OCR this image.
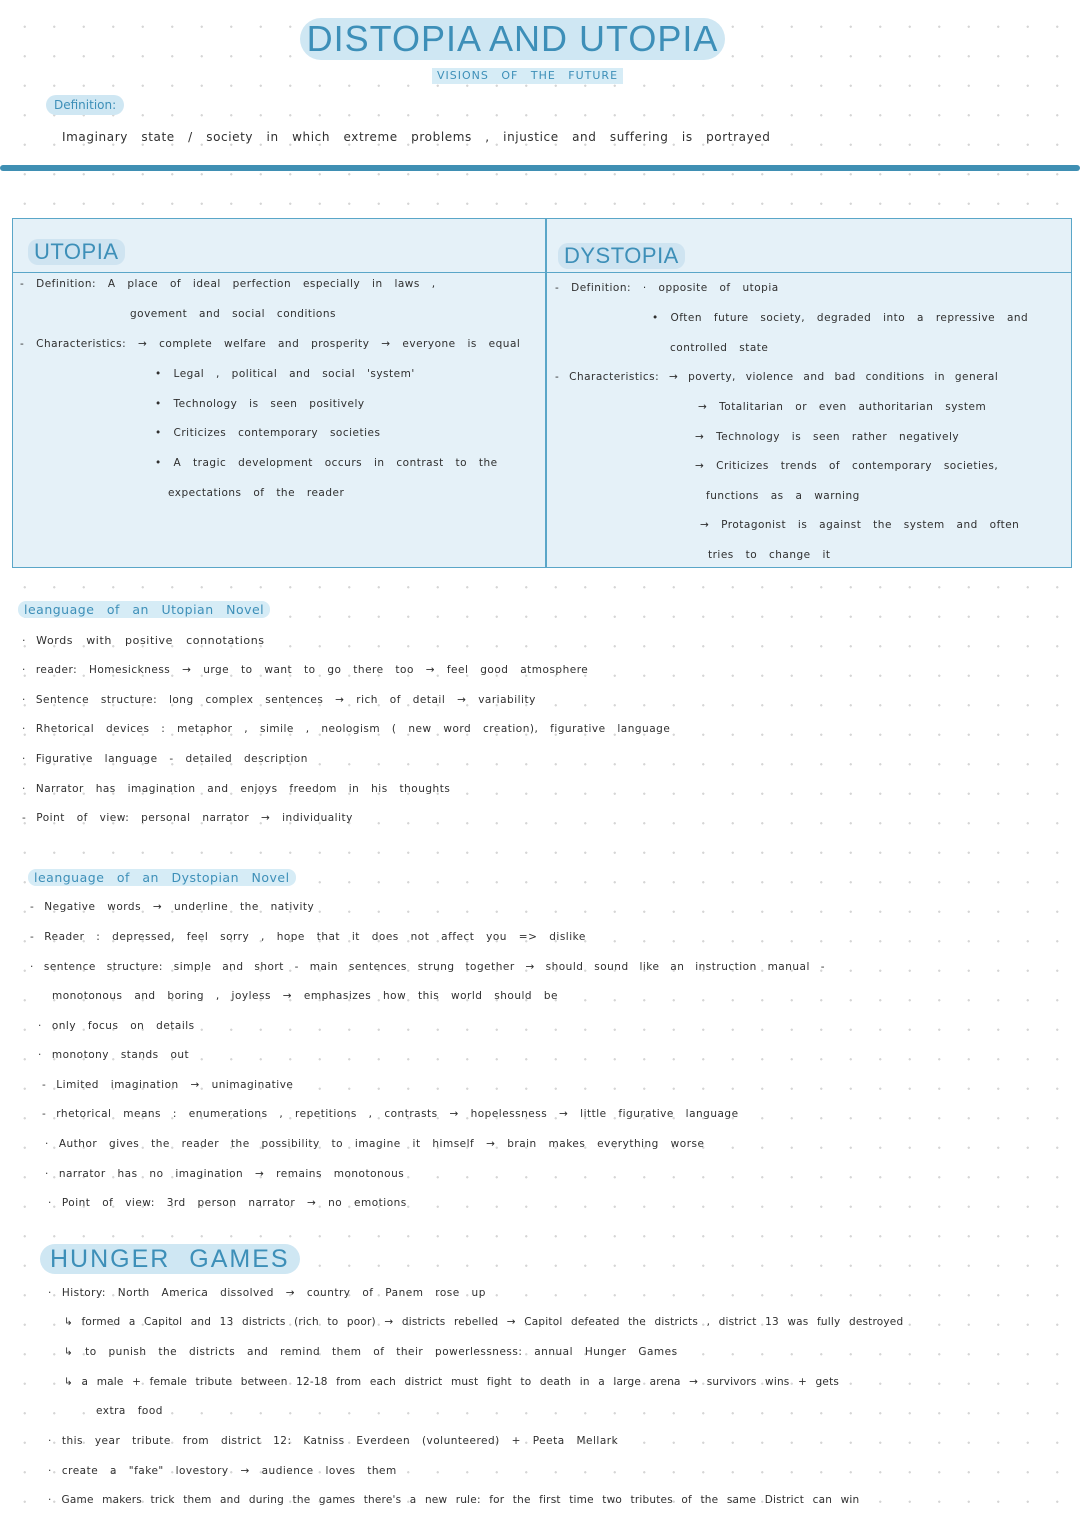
DISTOPIA AND UTOPIA
VISIONS OF THE FUTURE
Definition:
Imaginary state / society in which extreme problems , injustice and suffering is portrayed
UTOPIA	DYSTOPIA
- Definition: A place of ideal perfection especially in laws ,
govement and social conditions
- Characteristics: → complete welfare and prosperity → everyone is equal
• Legal , political and social 'system'
• Technology is seen positively
• Criticizes contemporary societies
• A tragic development occurs in contrast to the
expectations of the reader
- Definition: · opposite of utopia
• Often future society, degraded into a repressive and
controlled state
- Characteristics: → poverty, violence and bad conditions in general
→ Totalitarian or even authoritarian system
→ Technology is seen rather negatively
→ Criticizes trends of contemporary societies,
functions as a warning
→ Protagonist is against the system and often
tries to change it
leanguage of an Utopian Novel
· Words with positive connotations
· reader: Homesickness → urge to want to go there too → feel good atmosphere
· Sentence structure: long complex sentences → rich of detail → variability
· Rhetorical devices : metaphor , simile , neologism ( new word creation), figurative language
· Figurative language - detailed description
· Narrator has imagination and enjoys freedom in his thoughts
- Point of view: personal narrator → individuality
leanguage of an Dystopian Novel
- Negative words → underline the nativity
- Reader : depressed, feel sorry , hope that it does not affect you => dislike
· sentence structure: simple and short - main sentences strung together → should sound like an instruction manual -
monotonous and boring , joyless → emphasizes how this world should be
· only focus on details
· monotony stands out
- Limited imagination → unimaginative
- rhetorical means : enumerations , repetitions , contrasts → hopelessness → little figurative language
· Author gives the reader the possibility to imagine it himself → brain makes everything worse
· narrator has no imagination → remains monotonous
· Point of view: 3rd person narrator → no emotions
HUNGER GAMES
· History: North America dissolved → country of Panem rose up
↳ formed a Capitol and 13 districts (rich to poor) → districts rebelled → Capitol defeated the districts , district 13 was fully destroyed
↳ to punish the districts and remind them of their powerlessness: annual Hunger Games
↳ a male + female tribute between 12-18 from each district must fight to death in a large arena → survivors wins + gets
extra food
· this year tribute from district 12: Katniss Everdeen (volunteered) + Peeta Mellark
· create a "fake" lovestory → audience loves them
· Game makers trick them and during the games there's a new rule: for the first time two tributes of the same District can win
